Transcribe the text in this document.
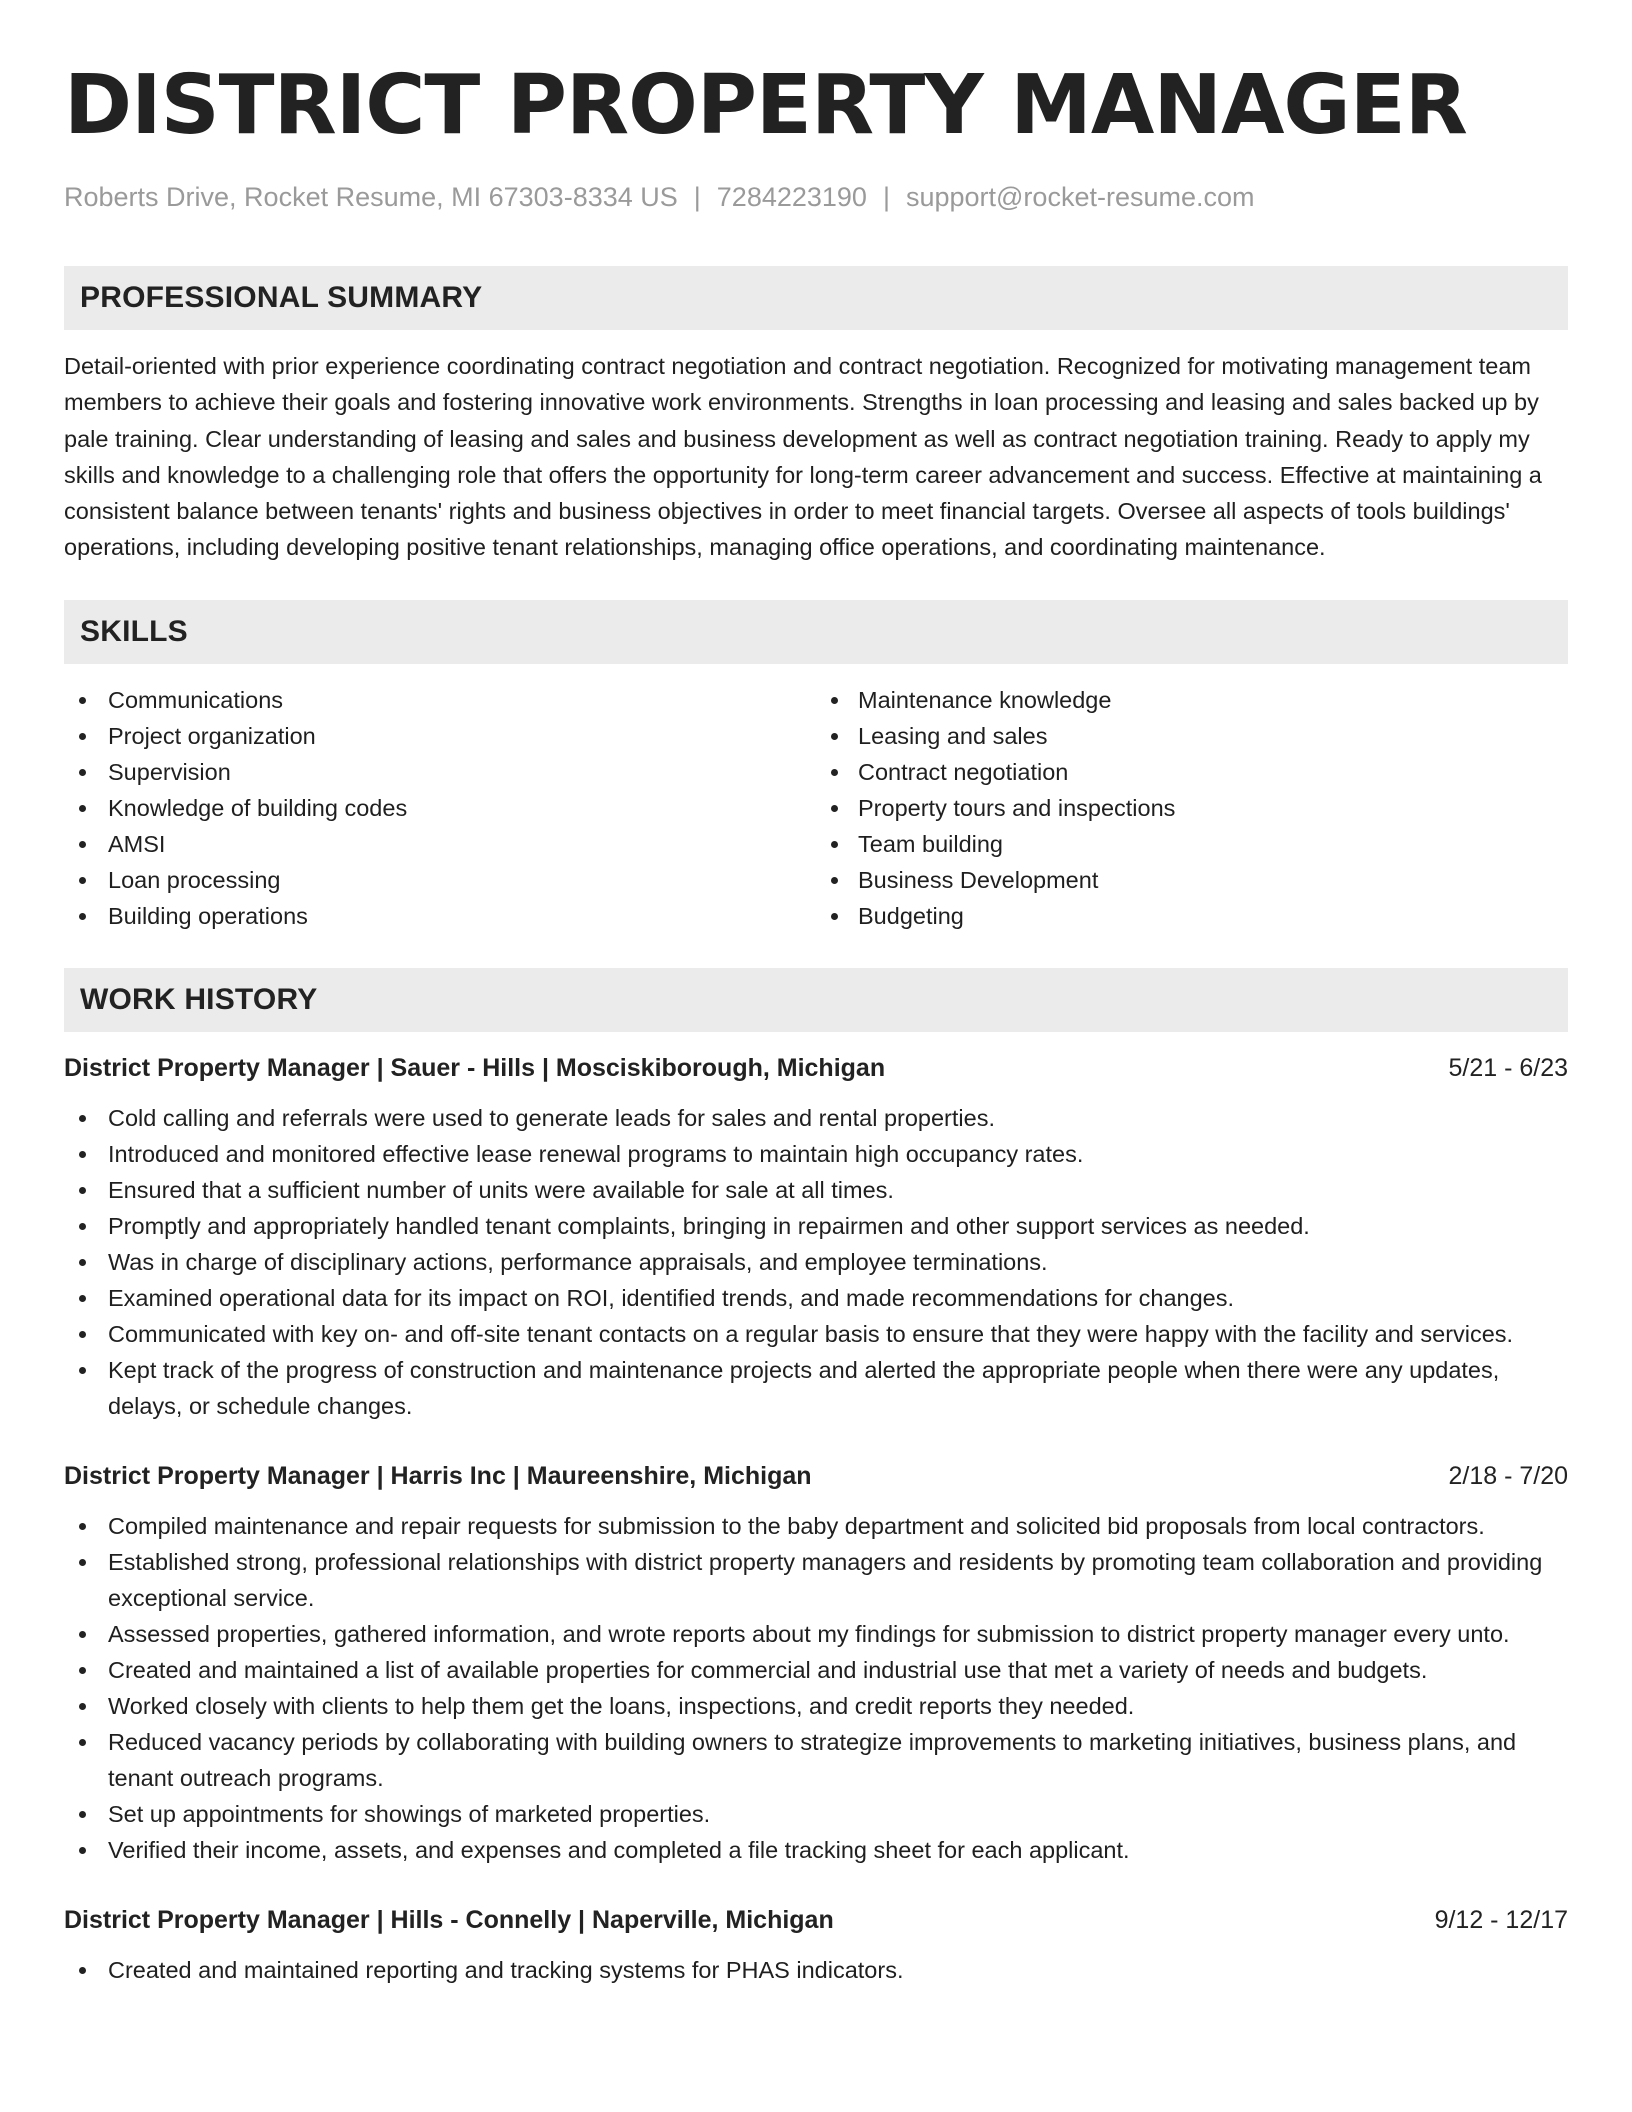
DISTRICT PROPERTY MANAGER
Roberts Drive, Rocket Resume, MI 67303-8334 US | 7284223190 | support@rocket-resume.com
PROFESSIONAL SUMMARY

Detail-oriented with prior experience coordinating contract negotiation and contract negotiation. Recognized for motivating management team members to achieve their goals and fostering innovative work environments. Strengths in loan processing and leasing and sales backed up by pale training. Clear understanding of leasing and sales and business development as well as contract negotiation training. Ready to apply my skills and knowledge to a challenging role that offers the opportunity for long-term career advancement and success. Effective at maintaining a consistent balance between tenants' rights and business objectives in order to meet financial targets. Oversee all aspects of tools buildings' operations, including developing positive tenant relationships, managing office operations, and coordinating maintenance.

SKILLS
Communications
Project organization
Supervision
Knowledge of building codes
AMSI
Loan processing
Building operations
Maintenance knowledge
Leasing and sales
Contract negotiation
Property tours and inspections
Team building
Business Development
Budgeting
WORK HISTORY
District Property Manager | Sauer - Hills | Mosciskiborough, Michigan	5/21 - 6/23
Cold calling and referrals were used to generate leads for sales and rental properties.
Introduced and monitored effective lease renewal programs to maintain high occupancy rates.
Ensured that a sufficient number of units were available for sale at all times.
Promptly and appropriately handled tenant complaints, bringing in repairmen and other support services as needed.
Was in charge of disciplinary actions, performance appraisals, and employee terminations.
Examined operational data for its impact on ROI, identified trends, and made recommendations for changes.
Communicated with key on- and off-site tenant contacts on a regular basis to ensure that they were happy with the facility and services.
Kept track of the progress of construction and maintenance projects and alerted the appropriate people when there were any updates, delays, or schedule changes.
District Property Manager | Harris Inc | Maureenshire, Michigan	2/18 - 7/20
Compiled maintenance and repair requests for submission to the baby department and solicited bid proposals from local contractors.
Established strong, professional relationships with district property managers and residents by promoting team collaboration and providing exceptional service.
Assessed properties, gathered information, and wrote reports about my findings for submission to district property manager every unto.
Created and maintained a list of available properties for commercial and industrial use that met a variety of needs and budgets.
Worked closely with clients to help them get the loans, inspections, and credit reports they needed.
Reduced vacancy periods by collaborating with building owners to strategize improvements to marketing initiatives, business plans, and tenant outreach programs.
Set up appointments for showings of marketed properties.
Verified their income, assets, and expenses and completed a file tracking sheet for each applicant.
District Property Manager | Hills - Connelly | Naperville, Michigan	9/12 - 12/17
Created and maintained reporting and tracking systems for PHAS indicators.
